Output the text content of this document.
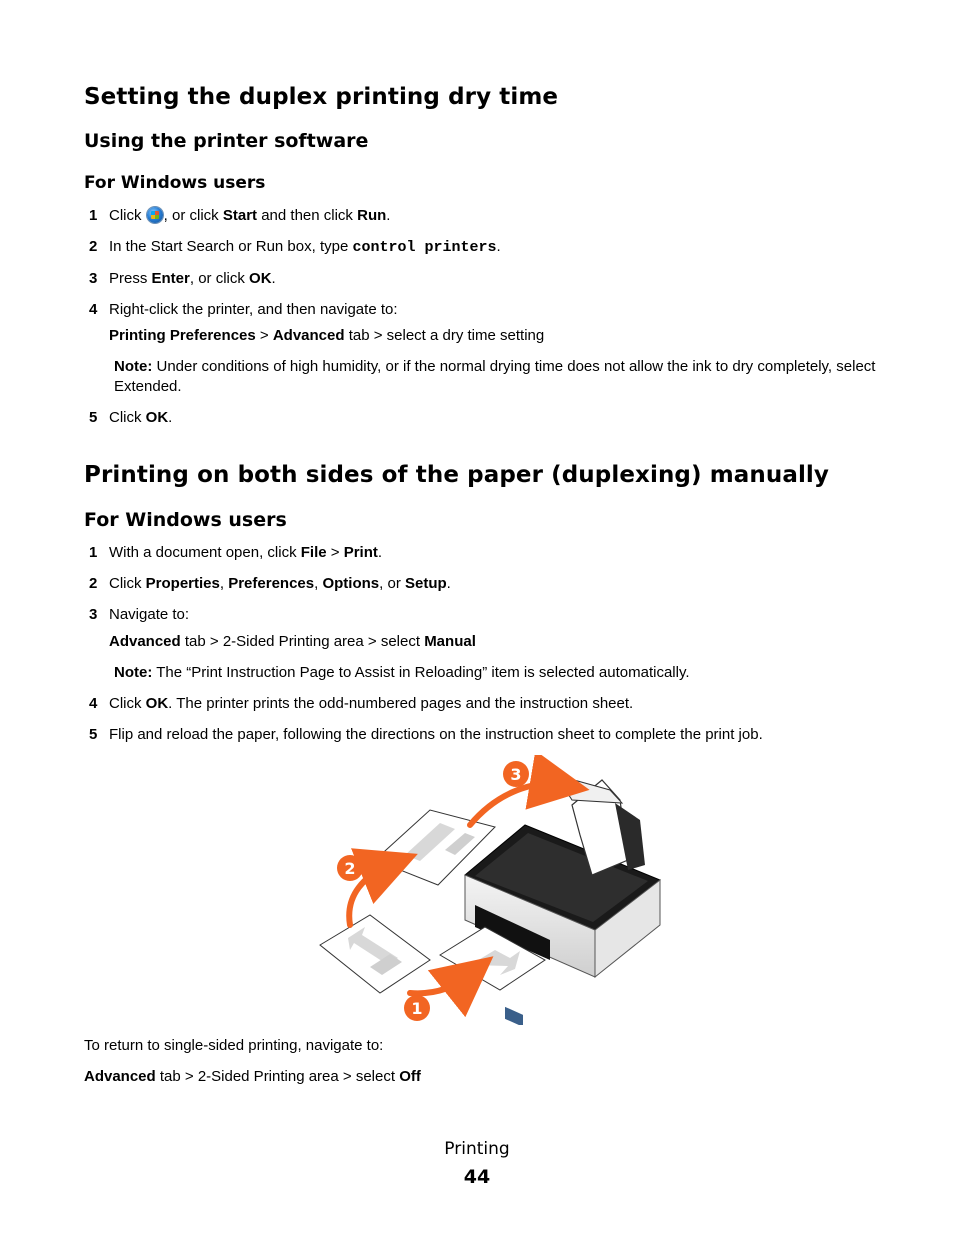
Setting the duplex printing dry time
Using the printer software
For Windows users
1 Click , or click Start and then click Run.
2 In the Start Search or Run box, type control printers.
3 Press Enter, or click OK.
4 Right-click the printer, and then navigate to:
Printing Preferences > Advanced tab > select a dry time setting
Note: Under conditions of high humidity, or if the normal drying time does not allow the ink to dry completely, select Extended.
5 Click OK.
Printing on both sides of the paper (duplexing) manually
For Windows users
1 With a document open, click File > Print.
2 Click Properties, Preferences, Options, or Setup.
3 Navigate to:
Advanced tab > 2-Sided Printing area > select Manual
Note: The “Print Instruction Page to Assist in Reloading” item is selected automatically.
4 Click OK. The printer prints the odd-numbered pages and the instruction sheet.
5 Flip and reload the paper, following the directions on the instruction sheet to complete the print job.
3
2
1
To return to single-sided printing, navigate to:
Advanced tab > 2-Sided Printing area > select Off
Printing
44
